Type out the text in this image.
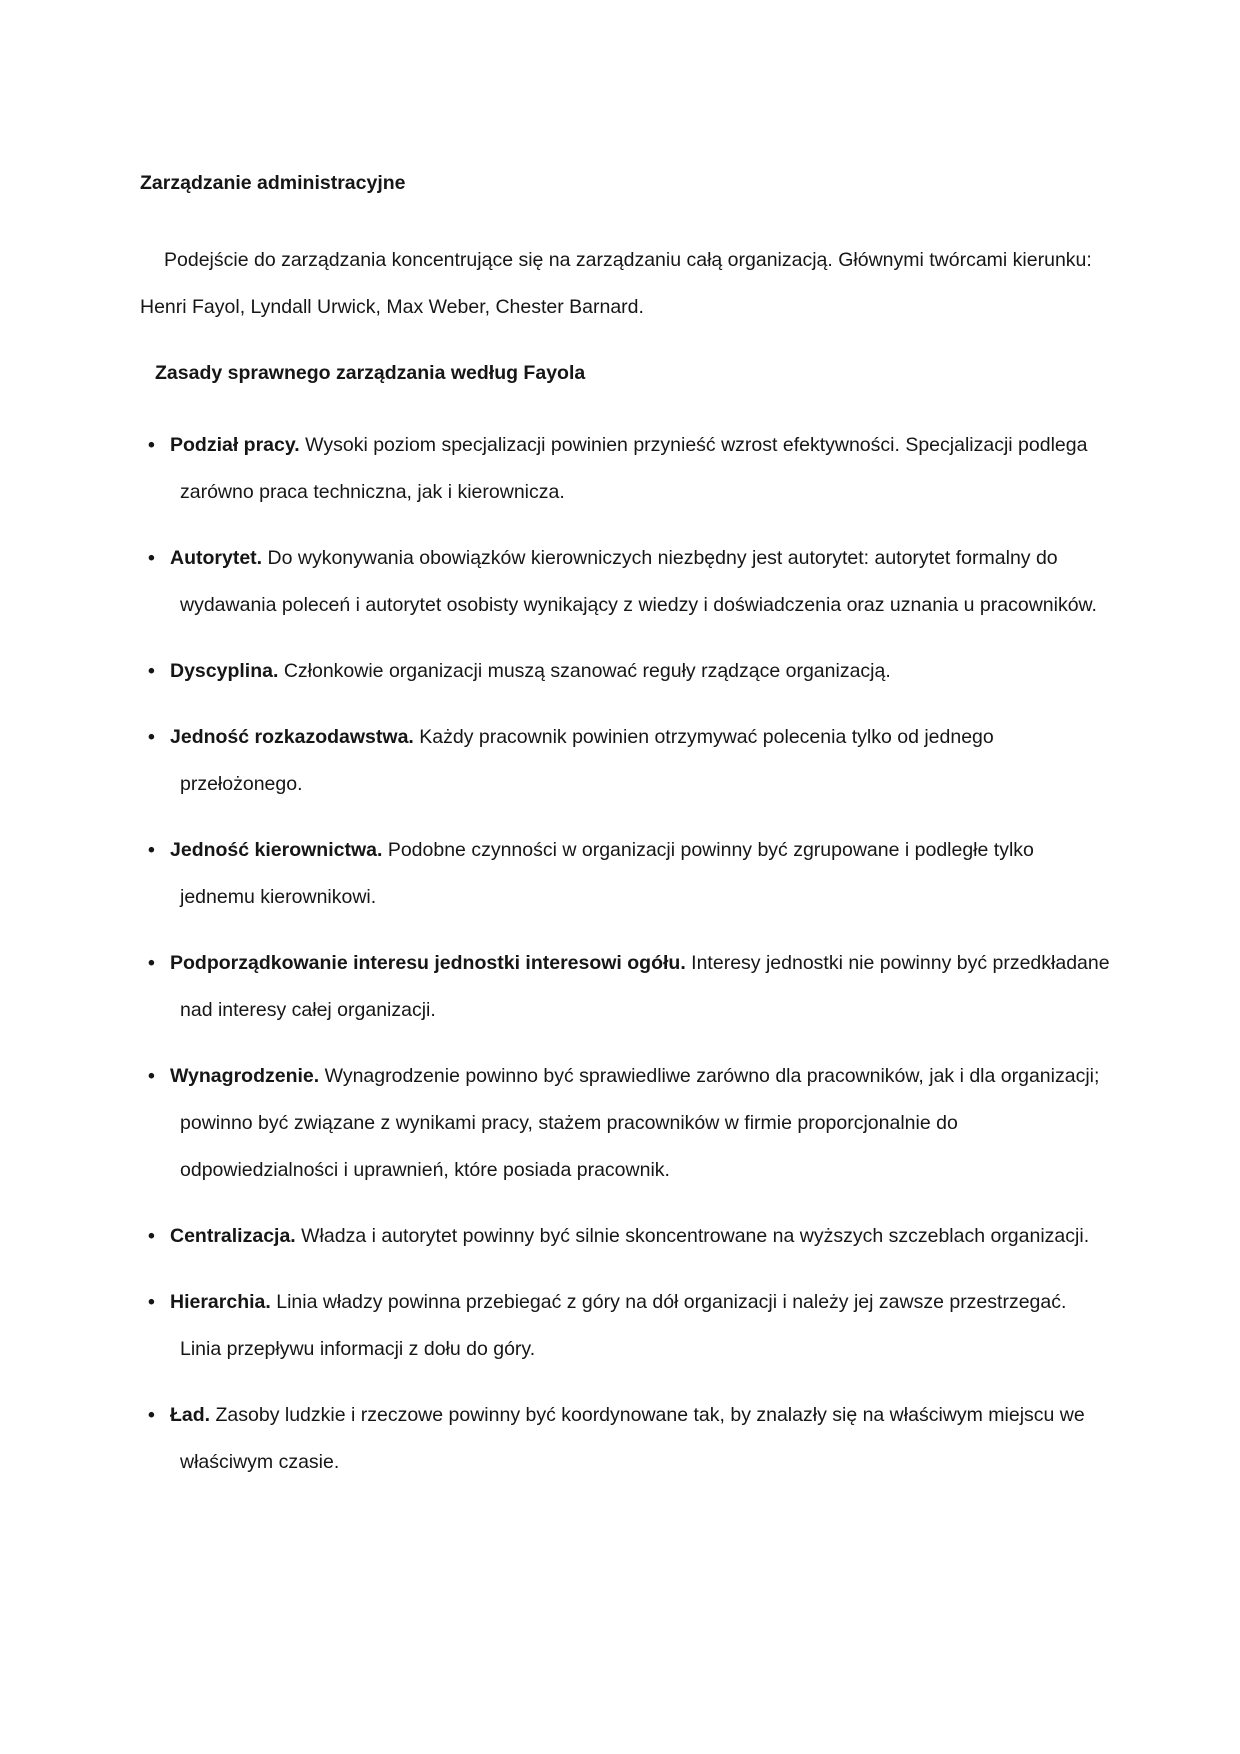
Zarządzanie administracyjne

Podejście do zarządzania koncentrujące się na zarządzaniu całą organizacją. Głównymi twórcami kierunku: Henri Fayol, Lyndall Urwick, Max Weber, Chester Barnard.

Zasady sprawnego zarządzania według Fayola
• Podział pracy. Wysoki poziom specjalizacji powinien przynieść wzrost efektywności. Specjalizacji podlega zarówno praca techniczna, jak i kierownicza.
• Autorytet. Do wykonywania obowiązków kierowniczych niezbędny jest autorytet: autorytet formalny do wydawania poleceń i autorytet osobisty wynikający z wiedzy i doświadczenia oraz uznania u pracowników.
• Dyscyplina. Członkowie organizacji muszą szanować reguły rządzące organizacją.
• Jedność rozkazodawstwa. Każdy pracownik powinien otrzymywać polecenia tylko od jednego przełożonego.
• Jedność kierownictwa. Podobne czynności w organizacji powinny być zgrupowane i podległe tylko jednemu kierownikowi.
• Podporządkowanie interesu jednostki interesowi ogółu. Interesy jednostki nie powinny być przedkładane nad interesy całej organizacji.
• Wynagrodzenie. Wynagrodzenie powinno być sprawiedliwe zarówno dla pracowników, jak i dla organizacji; powinno być związane z wynikami pracy, stażem pracowników w firmie proporcjonalnie do odpowiedzialności i uprawnień, które posiada pracownik.
• Centralizacja. Władza i autorytet powinny być silnie skoncentrowane na wyższych szczeblach organizacji.
• Hierarchia. Linia władzy powinna przebiegać z góry na dół organizacji i należy jej zawsze przestrzegać. Linia przepływu informacji z dołu do góry.
• Ład. Zasoby ludzkie i rzeczowe powinny być koordynowane tak, by znalazły się na właściwym miejscu we właściwym czasie.
